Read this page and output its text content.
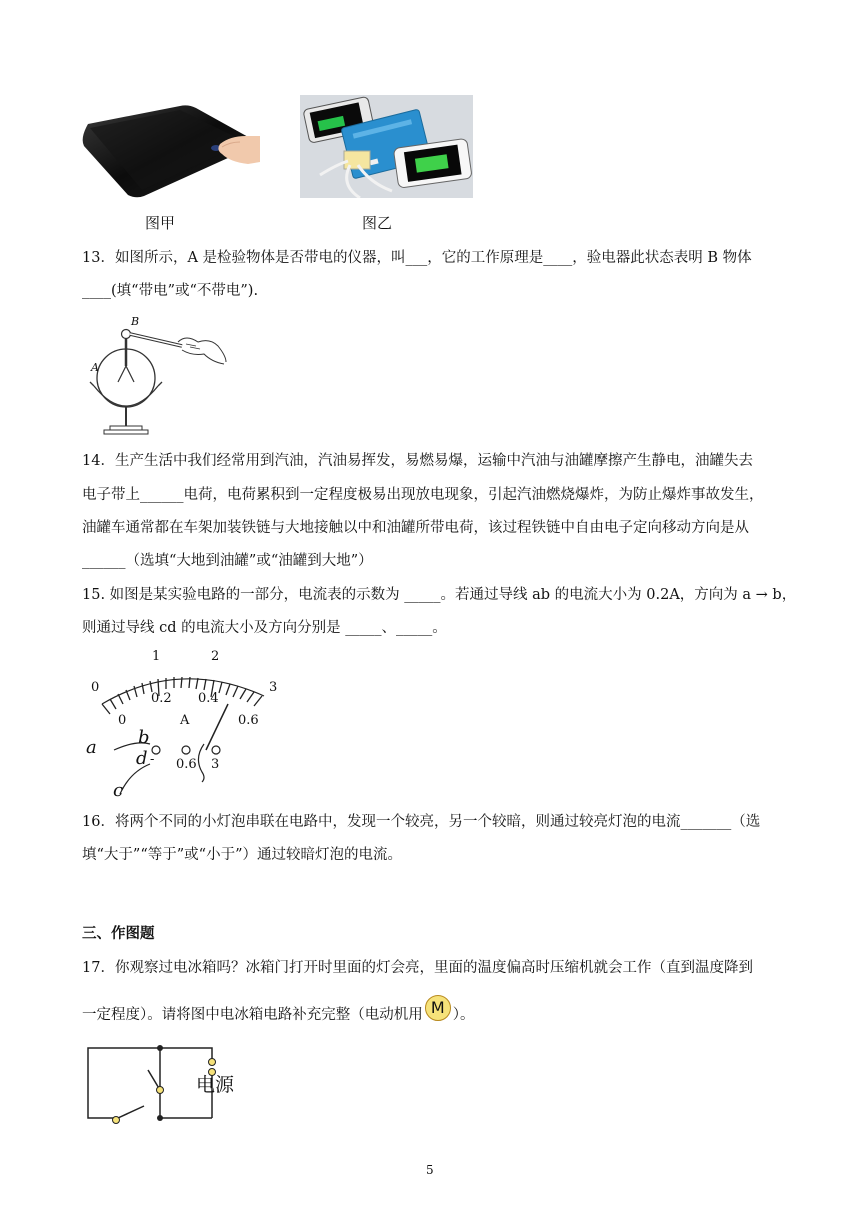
图甲	图乙
13．如图所示，A 是检验物体是否带电的仪器，叫___，它的工作原理是____，验电器此状态表明 B 物体
____(填“带电”或“不带电”).
B
A
14．生产生活中我们经常用到汽油，汽油易挥发，易燃易爆，运输中汽油与油罐摩擦产生静电，油罐失去
电子带上______电荷，电荷累积到一定程度极易出现放电现象，引起汽油燃烧爆炸，为防止爆炸事故发生，
油罐车通常都在车架加装铁链与大地接触以中和油罐所带电荷，该过程铁链中自由电子定向移动方向是从
______（选填“大地到油罐”或“油罐到大地”）
15. 如图是某实验电路的一部分，电流表的示数为 _____。若通过导线 ab 的电流大小为 0.2A，方向为 a → b，
则通过导线 cd 的电流大小及方向分别是 _____、_____。
0
1	2
3
0
0.2 0.4
0.6
A
a b
d
c
- 0.6 3
16．将两个不同的小灯泡串联在电路中，发现一个较亮，另一个较暗，则通过较亮灯泡的电流_______（选
填“大于”“等于”或“小于”）通过较暗灯泡的电流。
三、作图题
17．你观察过电冰箱吗？冰箱门打开时里面的灯会亮，里面的温度偏高时压缩机就会工作（直到温度降到
一定程度）。请将图中电冰箱电路补充完整（电动机用 M ）。
电源
5
